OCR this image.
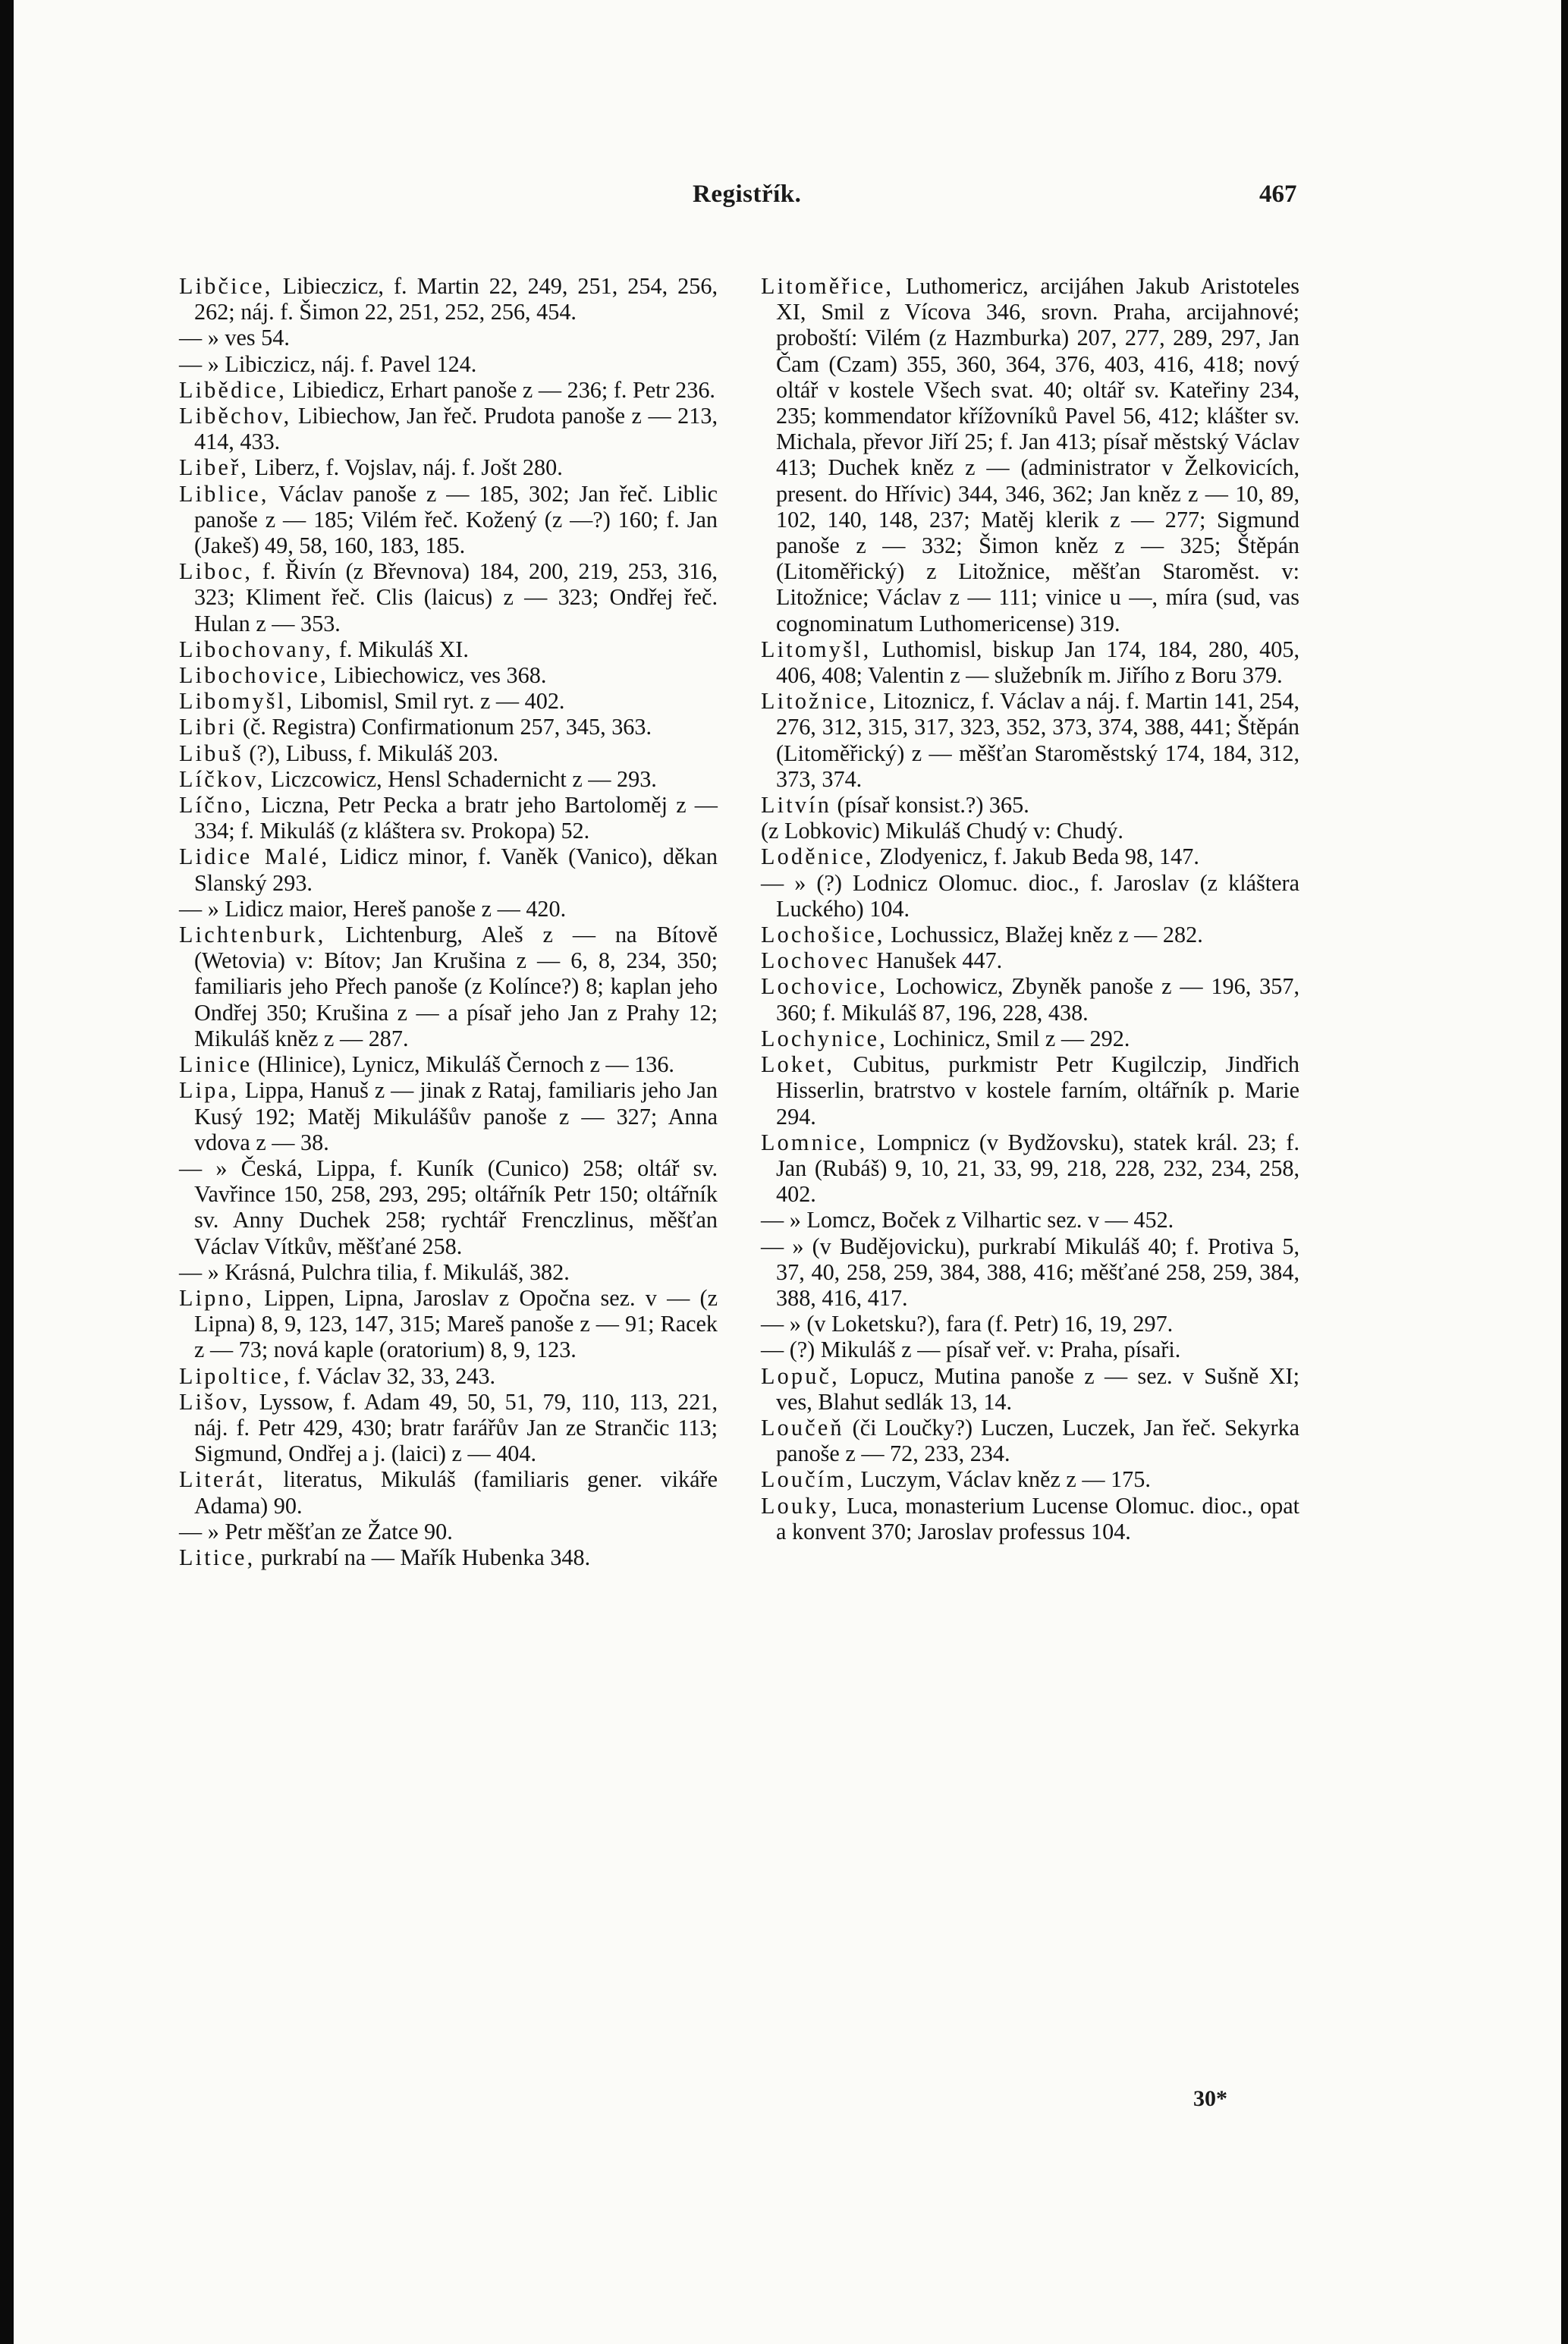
Registřík.	467
Libčice, Libieczicz, f. Martin 22, 249, 251, 254, 256, 262; náj. f. Šimon 22, 251, 252, 256, 454.
— » ves 54.
— » Libiczicz, náj. f. Pavel 124.
Libědice, Libiedicz, Erhart panoše z — 236; f. Petr 236.
Liběchov, Libiechow, Jan řeč. Prudota panoše z — 213, 414, 433.
Libeř, Liberz, f. Vojslav, náj. f. Jošt 280.
Liblice, Václav panoše z — 185, 302; Jan řeč. Liblic panoše z — 185; Vilém řeč. Kožený (z —?) 160; f. Jan (Jakeš) 49, 58, 160, 183, 185.
Liboc, f. Řivín (z Břevnova) 184, 200, 219, 253, 316, 323; Kliment řeč. Clis (laicus) z — 323; Ondřej řeč. Hulan z — 353.
Libochovany, f. Mikuláš XI.
Libochovice, Libiechowicz, ves 368.
Libomyšl, Libomisl, Smil ryt. z — 402.
Libri (č. Registra) Confirmationum 257, 345, 363.
Libuš (?), Libuss, f. Mikuláš 203.
Líčkov, Liczcowicz, Hensl Schadernicht z — 293.
Líčno, Liczna, Petr Pecka a bratr jeho Bartoloměj z — 334; f. Mikuláš (z kláštera sv. Prokopa) 52.
Lidice Malé, Lidicz minor, f. Vaněk (Vanico), děkan Slanský 293.
— » Lidicz maior, Hereš panoše z — 420.
Lichtenburk, Lichtenburg, Aleš z — na Bítově (Wetovia) v: Bítov; Jan Krušina z — 6, 8, 234, 350; familiaris jeho Přech panoše (z Kolínce?) 8; kaplan jeho Ondřej 350; Krušina z — a písař jeho Jan z Prahy 12; Mikuláš kněz z — 287.
Linice (Hlinice), Lynicz, Mikuláš Černoch z — 136.
Lipa, Lippa, Hanuš z — jinak z Rataj, familiaris jeho Jan Kusý 192; Matěj Mikulášův panoše z — 327; Anna vdova z — 38.
— » Česká, Lippa, f. Kuník (Cunico) 258; oltář sv. Vavřince 150, 258, 293, 295; oltářník Petr 150; oltářník sv. Anny Duchek 258; rychtář Frenczlinus, měšťan Václav Vítkův, měšťané 258.
— » Krásná, Pulchra tilia, f. Mikuláš, 382.
Lipno, Lippen, Lipna, Jaroslav z Opočna sez. v — (z Lipna) 8, 9, 123, 147, 315; Mareš panoše z — 91; Racek z — 73; nová kaple (oratorium) 8, 9, 123.
Lipoltice, f. Václav 32, 33, 243.
Lišov, Lyssow, f. Adam 49, 50, 51, 79, 110, 113, 221, náj. f. Petr 429, 430; bratr farářův Jan ze Strančic 113; Sigmund, Ondřej a j. (laici) z — 404.
Literát, literatus, Mikuláš (familiaris gener. vikáře Adama) 90.
— » Petr měšťan ze Žatce 90.
Litice, purkrabí na — Mařík Hubenka 348.
Litoměřice, Luthomericz, arcijáhen Jakub Aristoteles XI, Smil z Vícova 346, srovn. Praha, arcijahnové; proboští: Vilém (z Hazmburka) 207, 277, 289, 297, Jan Čam (Czam) 355, 360, 364, 376, 403, 416, 418; nový oltář v kostele Všech svat. 40; oltář sv. Kateřiny 234, 235; kommendator křížovníků Pavel 56, 412; klášter sv. Michala, převor Jiří 25; f. Jan 413; písař městský Václav 413; Duchek kněz z — (administrator v Želkovicích, present. do Hřívic) 344, 346, 362; Jan kněz z — 10, 89, 102, 140, 148, 237; Matěj klerik z — 277; Sigmund panoše z — 332; Šimon kněz z — 325; Štěpán (Litoměřický) z Litožnice, měšťan Staroměst. v: Litožnice; Václav z — 111; vinice u —, míra (sud, vas cognominatum Luthomericense) 319.
Litomyšl, Luthomisl, biskup Jan 174, 184, 280, 405, 406, 408; Valentin z — služebník m. Jiřího z Boru 379.
Litožnice, Litoznicz, f. Václav a náj. f. Martin 141, 254, 276, 312, 315, 317, 323, 352, 373, 374, 388, 441; Štěpán (Litoměřický) z — měšťan Staroměstský 174, 184, 312, 373, 374.
Litvín (písař konsist.?) 365.
(z Lobkovic) Mikuláš Chudý v: Chudý.
Loděnice, Zlodyenicz, f. Jakub Beda 98, 147.
— » (?) Lodnicz Olomuc. dioc., f. Jaroslav (z kláštera Luckého) 104.
Lochošice, Lochussicz, Blažej kněz z — 282.
Lochovec Hanušek 447.
Lochovice, Lochowicz, Zbyněk panoše z — 196, 357, 360; f. Mikuláš 87, 196, 228, 438.
Lochynice, Lochinicz, Smil z — 292.
Loket, Cubitus, purkmistr Petr Kugilczip, Jindřich Hisserlin, bratrstvo v kostele farním, oltářník p. Marie 294.
Lomnice, Lompnicz (v Bydžovsku), statek král. 23; f. Jan (Rubáš) 9, 10, 21, 33, 99, 218, 228, 232, 234, 258, 402.
— » Lomcz, Boček z Vilhartic sez. v — 452.
— » (v Budějovicku), purkrabí Mikuláš 40; f. Protiva 5, 37, 40, 258, 259, 384, 388, 416; měšťané 258, 259, 384, 388, 416, 417.
— » (v Loketsku?), fara (f. Petr) 16, 19, 297.
— (?) Mikuláš z — písař veř. v: Praha, písaři.
Lopuč, Lopucz, Mutina panoše z — sez. v Sušně XI; ves, Blahut sedlák 13, 14.
Loučeň (či Loučky?) Luczen, Luczek, Jan řeč. Sekyrka panoše z — 72, 233, 234.
Loučím, Luczym, Václav kněz z — 175.
Louky, Luca, monasterium Lucense Olomuc. dioc., opat a konvent 370; Jaroslav professus 104.
30*
